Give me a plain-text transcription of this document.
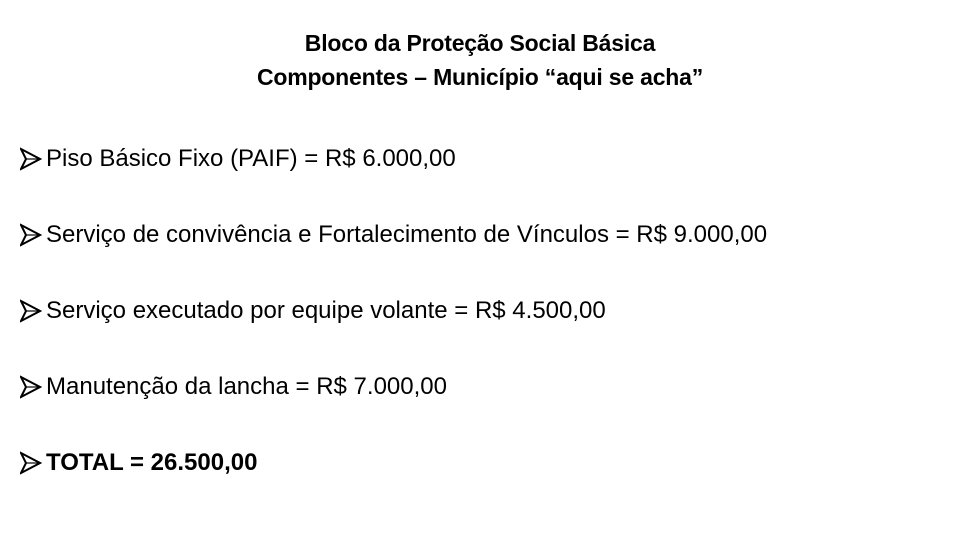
Bloco da Proteção Social Básica
Componentes – Município “aqui se acha”
Piso Básico Fixo (PAIF) = R$ 6.000,00
Serviço de convivência e Fortalecimento de Vínculos = R$ 9.000,00
Serviço executado por equipe volante = R$ 4.500,00
Manutenção da lancha = R$ 7.000,00
TOTAL = 26.500,00
